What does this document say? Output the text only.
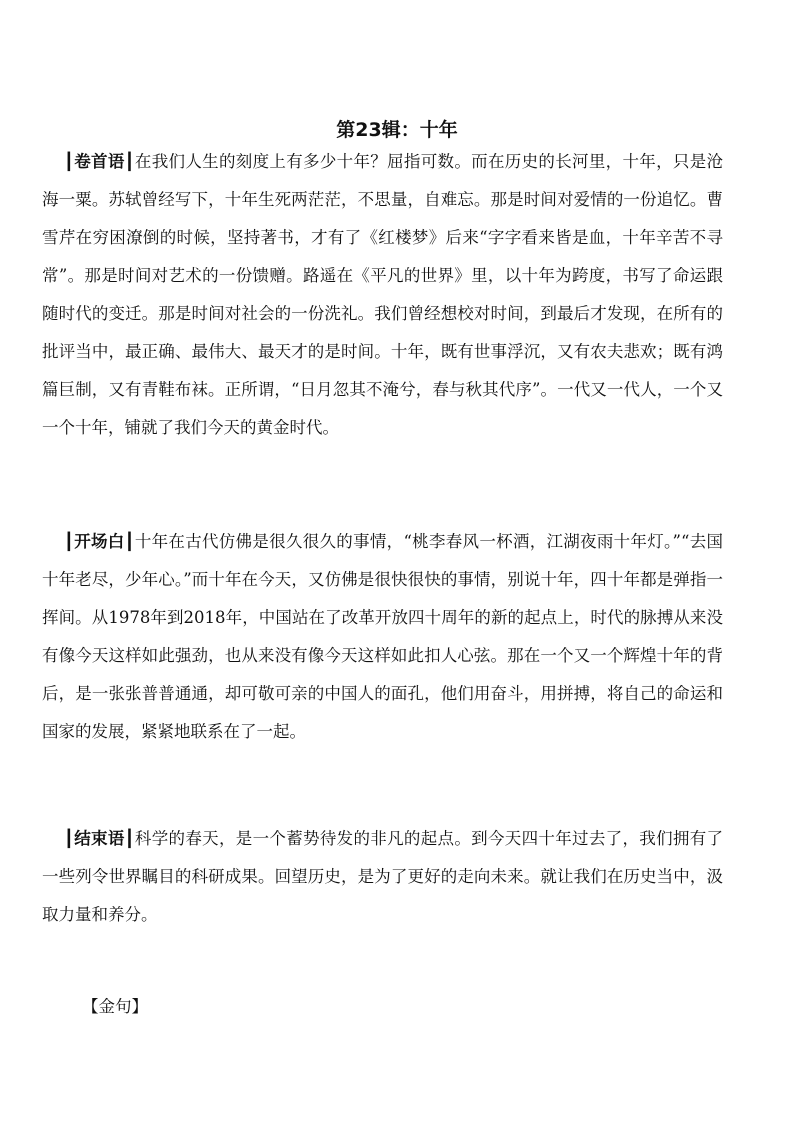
第23辑：十年

┃卷首语┃在我们人生的刻度上有多少十年？屈指可数。而在历史的长河里，十年，只是沧海一粟。苏轼曾经写下，十年生死两茫茫，不思量，自难忘。那是时间对爱情的一份追忆。曹雪芹在穷困潦倒的时候，坚持著书，才有了《红楼梦》后来“字字看来皆是血，十年辛苦不寻常”。那是时间对艺术的一份馈赠。路遥在《平凡的世界》里，以十年为跨度，书写了命运跟随时代的变迁。那是时间对社会的一份洗礼。我们曾经想校对时间，到最后才发现，在所有的批评当中，最正确、最伟大、最天才的是时间。十年，既有世事浮沉，又有农夫悲欢；既有鸿篇巨制，又有青鞋布袜。正所谓，“日月忽其不淹兮，春与秋其代序”。一代又一代人，一个又一个十年，铺就了我们今天的黄金时代。

┃开场白┃十年在古代仿佛是很久很久的事情，“桃李春风一杯酒，江湖夜雨十年灯。”“去国十年老尽，少年心。”而十年在今天，又仿佛是很快很快的事情，别说十年，四十年都是弹指一挥间。从1978年到2018年，中国站在了改革开放四十周年的新的起点上，时代的脉搏从来没有像今天这样如此强劲，也从来没有像今天这样如此扣人心弦。那在一个又一个辉煌十年的背后，是一张张普普通通，却可敬可亲的中国人的面孔，他们用奋斗，用拼搏，将自己的命运和国家的发展，紧紧地联系在了一起。

┃结束语┃科学的春天，是一个蓄势待发的非凡的起点。到今天四十年过去了，我们拥有了一些列令世界瞩目的科研成果。回望历史，是为了更好的走向未来。就让我们在历史当中，汲取力量和养分。

【金句】
